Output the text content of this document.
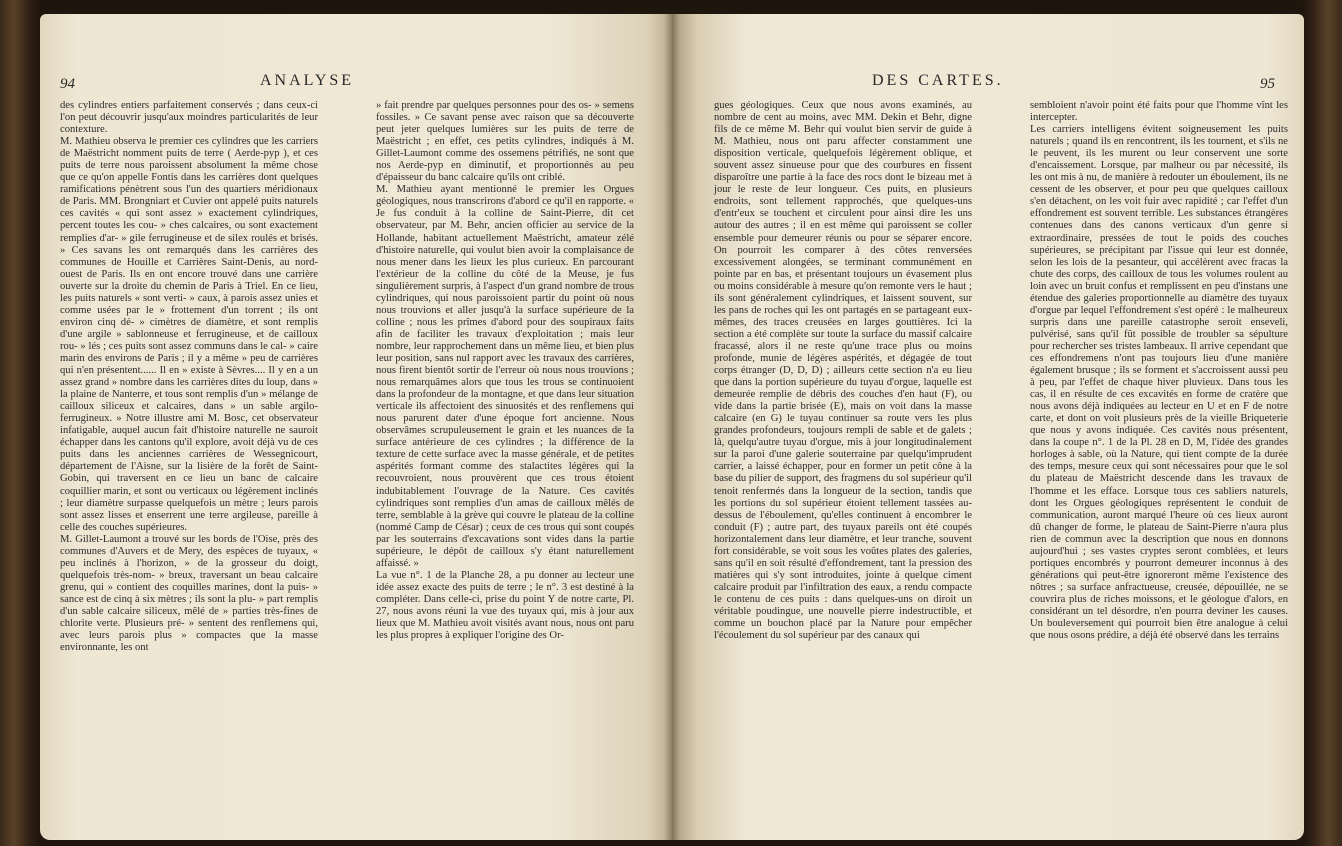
94	ANALYSE
des cylindres entiers parfaitement conservés ; dans ceux-ci l'on peut découvrir jusqu'aux moindres particularités de leur contexture.
M. Mathieu observa le premier ces cylindres que les carriers de Maëstricht nomment puits de terre ( Aerde-pyp ), et ces puits de terre nous paroissent absolument la même chose que ce qu'on appelle Fontis dans les carrières dont quelques ramifications pénètrent sous l'un des quartiers méridionaux de Paris. MM. Brongniart et Cuvier ont appelé puits naturels ces cavités « qui sont assez » exactement cylindriques, percent toutes les cou- » ches calcaires, ou sont exactement remplies d'ar- » gile ferrugineuse et de silex roulés et brisés. » Ces savans les ont remarqués dans les carrières des communes de Houille et Carrières Saint-Denis, au nord-ouest de Paris. Ils en ont encore trouvé dans une carrière ouverte sur la droite du chemin de Paris à Triel. En ce lieu, les puits naturels « sont verti- » caux, à parois assez unies et comme usées par le » frottement d'un torrent ; ils ont environ cinq dé- » cimètres de diamètre, et sont remplis d'une argile » sablonneuse et ferrugineuse, et de cailloux rou- » lés ; ces puits sont assez communs dans le cal- » caire marin des environs de Paris ; il y a même » peu de carrières qui n'en présentent...... Il en » existe à Sèvres.... Il y en a un assez grand » nombre dans les carrières dites du loup, dans » la plaine de Nanterre, et tous sont remplis d'un » mélange de cailloux siliceux et calcaires, dans » un sable argilo-ferrugineux. » Notre illustre ami M. Bosc, cet observateur infatigable, auquel aucun fait d'histoire naturelle ne sauroit échapper dans les cantons qu'il explore, avoit déjà vu de ces puits dans les anciennes carrières de Wessegnicourt, département de l'Aisne, sur la lisière de la forêt de Saint-Gobin, qui traversent en ce lieu un banc de calcaire coquillier marin, et sont ou verticaux ou légèrement inclinés ; leur diamètre surpasse quelquefois un mètre ; leurs parois sont assez lisses et enserrent une terre argileuse, pareille à celle des couches supérieures.
M. Gillet-Laumont a trouvé sur les bords de l'Oise, près des communes d'Auvers et de Mery, des espèces de tuyaux, « peu inclinés à l'horizon, » de la grosseur du doigt, quelquefois très-nom- » breux, traversant un beau calcaire grenu, qui » contient des coquilles marines, dont la puis- » sance est de cinq à six mètres ; ils sont la plu- » part remplis d'un sable calcaire siliceux, mêlé de » parties très-fines de chlorite verte. Plusieurs pré- » sentent des renflemens qui, avec leurs parois plus » compactes que la masse environnante, les ont
» fait prendre par quelques personnes pour des os- » semens fossiles. » Ce savant pense avec raison que sa découverte peut jeter quelques lumières sur les puits de terre de Maëstricht ; en effet, ces petits cylindres, indiqués à M. Gillet-Laumont comme des ossemens pétrifiés, ne sont que nos Aerde-pyp en diminutif, et proportionnés au peu d'épaisseur du banc calcaire qu'ils ont criblé.
M. Mathieu ayant mentionné le premier les Orgues géologiques, nous transcrirons d'abord ce qu'il en rapporte. « Je fus conduit à la colline de Saint-Pierre, dit cet observateur, par M. Behr, ancien officier au service de la Hollande, habitant actuellement Maëstricht, amateur zélé d'histoire naturelle, qui voulut bien avoir la complaisance de nous mener dans les lieux les plus curieux. En parcourant l'extérieur de la colline du côté de la Meuse, je fus singulièrement surpris, à l'aspect d'un grand nombre de trous cylindriques, qui nous paroissoient partir du point où nous nous trouvions et aller jusqu'à la surface supérieure de la colline ; nous les prîmes d'abord pour des soupiraux faits afin de faciliter les travaux d'exploitation ; mais leur nombre, leur rapprochement dans un même lieu, et bien plus leur position, sans nul rapport avec les travaux des carrières, nous firent bientôt sortir de l'erreur où nous nous trouvions ; nous remarquâmes alors que tous les trous se continuoient dans la profondeur de la montagne, et que dans leur situation verticale ils affectoient des sinuosités et des renflemens qui nous parurent dater d'une époque fort ancienne. Nous observâmes scrupuleusement le grain et les nuances de la surface antérieure de ces cylindres ; la différence de la texture de cette surface avec la masse générale, et de petites aspérités formant comme des stalactites légères qui la recouvroient, nous prouvèrent que ces trous étoient indubitablement l'ouvrage de la Nature. Ces cavités cylindriques sont remplies d'un amas de cailloux mêlés de terre, semblable à la grève qui couvre le plateau de la colline (nommé Camp de César) ; ceux de ces trous qui sont coupés par les souterrains d'excavations sont vides dans la partie supérieure, le dépôt de cailloux s'y étant naturellement affaissé. »
La vue n°. 1 de la Planche 28, a pu donner au lecteur une idée assez exacte des puits de terre ; le n°. 3 est destiné à la compléter. Dans celle-ci, prise du point Y de notre carte, Pl. 27, nous avons réuni la vue des tuyaux qui, mis à jour aux lieux que M. Mathieu avoit visités avant nous, nous ont paru les plus propres à expliquer l'origine des Or-
DES CARTES.	95
gues géologiques. Ceux que nous avons examinés, au nombre de cent au moins, avec MM. Dekin et Behr, digne fils de ce même M. Behr qui voulut bien servir de guide à M. Mathieu, nous ont paru affecter constamment une disposition verticale, quelquefois légèrement oblique, et souvent assez sinueuse pour que des courbures en fissent disparoître une partie à la face des rocs dont le bizeau met à jour le reste de leur longueur. Ces puits, en plusieurs endroits, sont tellement rapprochés, que quelques-uns d'entr'eux se touchent et circulent pour ainsi dire les uns autour des autres ; il en est même qui paroissent se coller ensemble pour demeurer réunis ou pour se séparer encore. On pourroit les comparer à des côtes renversées excessivement alongées, se terminant communément en pointe par en bas, et présentant toujours un évasement plus ou moins considérable à mesure qu'on remonte vers le haut ; ils sont généralement cylindriques, et laissent souvent, sur les pans de roches qui les ont partagés en se partageant eux-mêmes, des traces creusées en larges gouttières. Ici la section a été complète sur toute la surface du massif calcaire fracassé, alors il ne reste qu'une trace plus ou moins profonde, munie de légères aspérités, et dégagée de tout corps étranger (D, D, D) ; ailleurs cette section n'a eu lieu que dans la portion supérieure du tuyau d'orgue, laquelle est demeurée remplie de débris des couches d'en haut (F), ou vide dans la partie brisée (E), mais on voit dans la masse calcaire (en G) le tuyau continuer sa route vers les plus grandes profondeurs, toujours rempli de sable et de galets ; là, quelqu'autre tuyau d'orgue, mis à jour longitudinalement sur la paroi d'une galerie souterraine par quelqu'imprudent carrier, a laissé échapper, pour en former un petit cône à la base du pilier de support, des fragmens du sol supérieur qu'il tenoit renfermés dans la longueur de la section, tandis que les portions du sol supérieur étoient tellement tassées au-dessus de l'éboulement, qu'elles continuent à encombrer le conduit (F) ; autre part, des tuyaux pareils ont été coupés horizontalement dans leur diamètre, et leur tranche, souvent fort considérable, se voit sous les voûtes plates des galeries, sans qu'il en soit résulté d'effondrement, tant la pression des matières qui s'y sont introduites, jointe à quelque ciment calcaire produit par l'infiltration des eaux, a rendu compacte le contenu de ces puits : dans quelques-uns on diroit un véritable poudingue, une nouvelle pierre indestructible, et comme un bouchon placé par la Nature pour empêcher l'écoulement du sol supérieur par des canaux qui
sembloient n'avoir point été faits pour que l'homme vînt les intercepter.
Les carriers intelligens évitent soigneusement les puits naturels ; quand ils en rencontrent, ils les tournent, et s'ils ne le peuvent, ils les murent ou leur conservent une sorte d'encaissement. Lorsque, par malheur ou par nécessité, ils les ont mis à nu, de manière à redouter un éboulement, ils ne cessent de les observer, et pour peu que quelques cailloux s'en détachent, on les voit fuir avec rapidité ; car l'effet d'un effondrement est souvent terrible. Les substances étrangères contenues dans des canons verticaux d'un genre si extraordinaire, pressées de tout le poids des couches supérieures, se précipitant par l'issue qui leur est donnée, selon les lois de la pesanteur, qui accélèrent avec fracas la chute des corps, des cailloux de tous les volumes roulent au loin avec un bruit confus et remplissent en peu d'instans une étendue des galeries proportionnelle au diamètre des tuyaux d'orgue par lequel l'effondrement s'est opéré : le malheureux surpris dans une pareille catastrophe seroit enseveli, pulvérisé, sans qu'il fût possible de troubler sa sépulture pour rechercher ses tristes lambeaux. Il arrive cependant que ces effondremens n'ont pas toujours lieu d'une manière également brusque ; ils se forment et s'accroissent aussi peu à peu, par l'effet de chaque hiver pluvieux. Dans tous les cas, il en résulte de ces excavités en forme de cratère que nous avons déjà indiquées au lecteur en U et en F de notre carte, et dont on voit plusieurs près de la vieille Briqueterie que nous y avons indiquée. Ces cavités nous présentent, dans la coupe n°. 1 de la Pl. 28 en D, M, l'idée des grandes horloges à sable, où la Nature, qui tient compte de la durée des temps, mesure ceux qui sont nécessaires pour que le sol du plateau de Maëstricht descende dans les travaux de l'homme et les efface. Lorsque tous ces sabliers naturels, dont les Orgues géologiques représentent le conduit de communication, auront marqué l'heure où ces lieux auront dû changer de forme, le plateau de Saint-Pierre n'aura plus rien de commun avec la description que nous en donnons aujourd'hui ; ses vastes cryptes seront comblées, et leurs portiques encombrés y pourront demeurer inconnus à des générations qui peut-être ignoreront même l'existence des nôtres ; sa surface anfractueuse, creusée, dépouillée, ne se couvrira plus de riches moissons, et le géologue d'alors, en considérant un tel désordre, n'en pourra deviner les causes. Un bouleversement qui pourroit bien être analogue à celui que nous osons prédire, a déjà été observé dans les terrains
